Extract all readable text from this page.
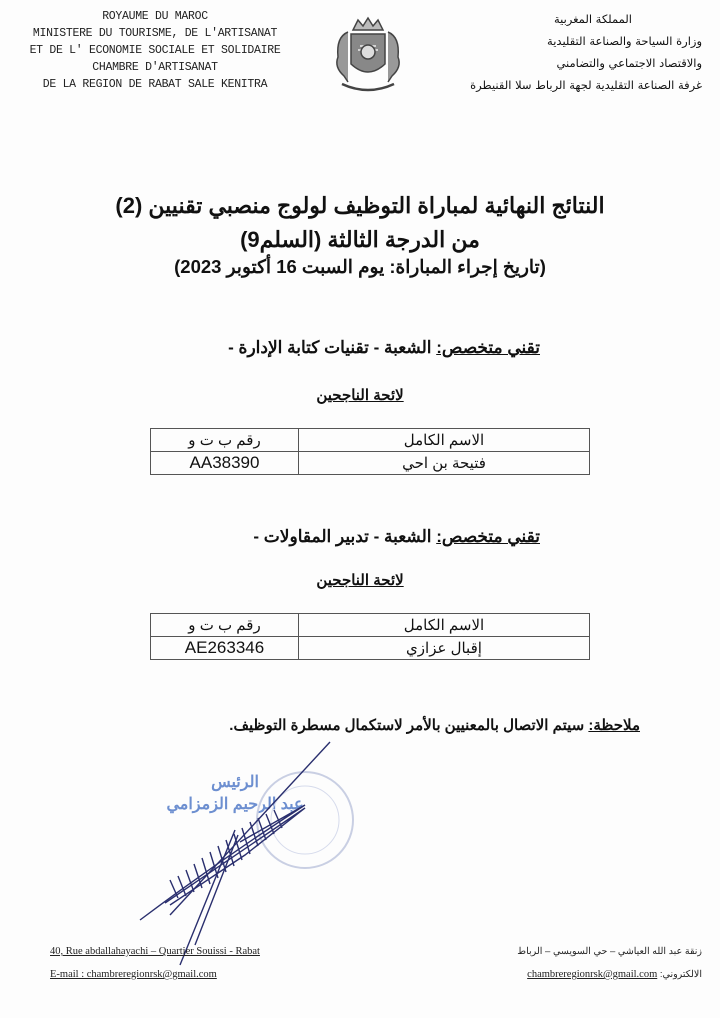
ROYAUME DU MAROC
MINISTERE DU TOURISME, DE L'ARTISANAT
ET DE L' ECONOMIE SOCIALE ET SOLIDAIRE
CHAMBRE D'ARTISANAT
DE LA REGION DE RABAT SALE KENITRA
المملكة المغربية
وزارة السياحة والصناعة التقليدية
والاقتصاد الاجتماعي والتضامني
غرفة الصناعة التقليدية لجهة الرباط سلا القنيطرة
النتائج النهائية لمباراة التوظيف لولوج منصبي تقنيين (2)
من الدرجة الثالثة (السلم9)
(تاريخ إجراء المباراة: يوم السبت 16 أكتوبر 2023)
تقني متخصص: الشعبة - تقنيات كتابة الإدارة -
لائحة الناجحين
الاسم الكامل	رقم ب ت و
فتيحة بن احي	AA38390
تقني متخصص: الشعبة - تدبير المقاولات -
لائحة الناجحين
الاسم الكامل	رقم ب ت و
إقبال عزازي	AE263346
ملاحظة: سيتم الاتصال بالمعنيين بالأمر لاستكمال مسطرة التوظيف.
الرئيس
عبد الرحيم الزمزامي
40, Rue abdallahayachi – Quartier Souissi - Rabat
E-mail : chambreregionrsk@gmail.com
زنقة عبد الله العياشي – حي السويسي – الرباط
الالكتروني: chambreregionrsk@gmail.com
